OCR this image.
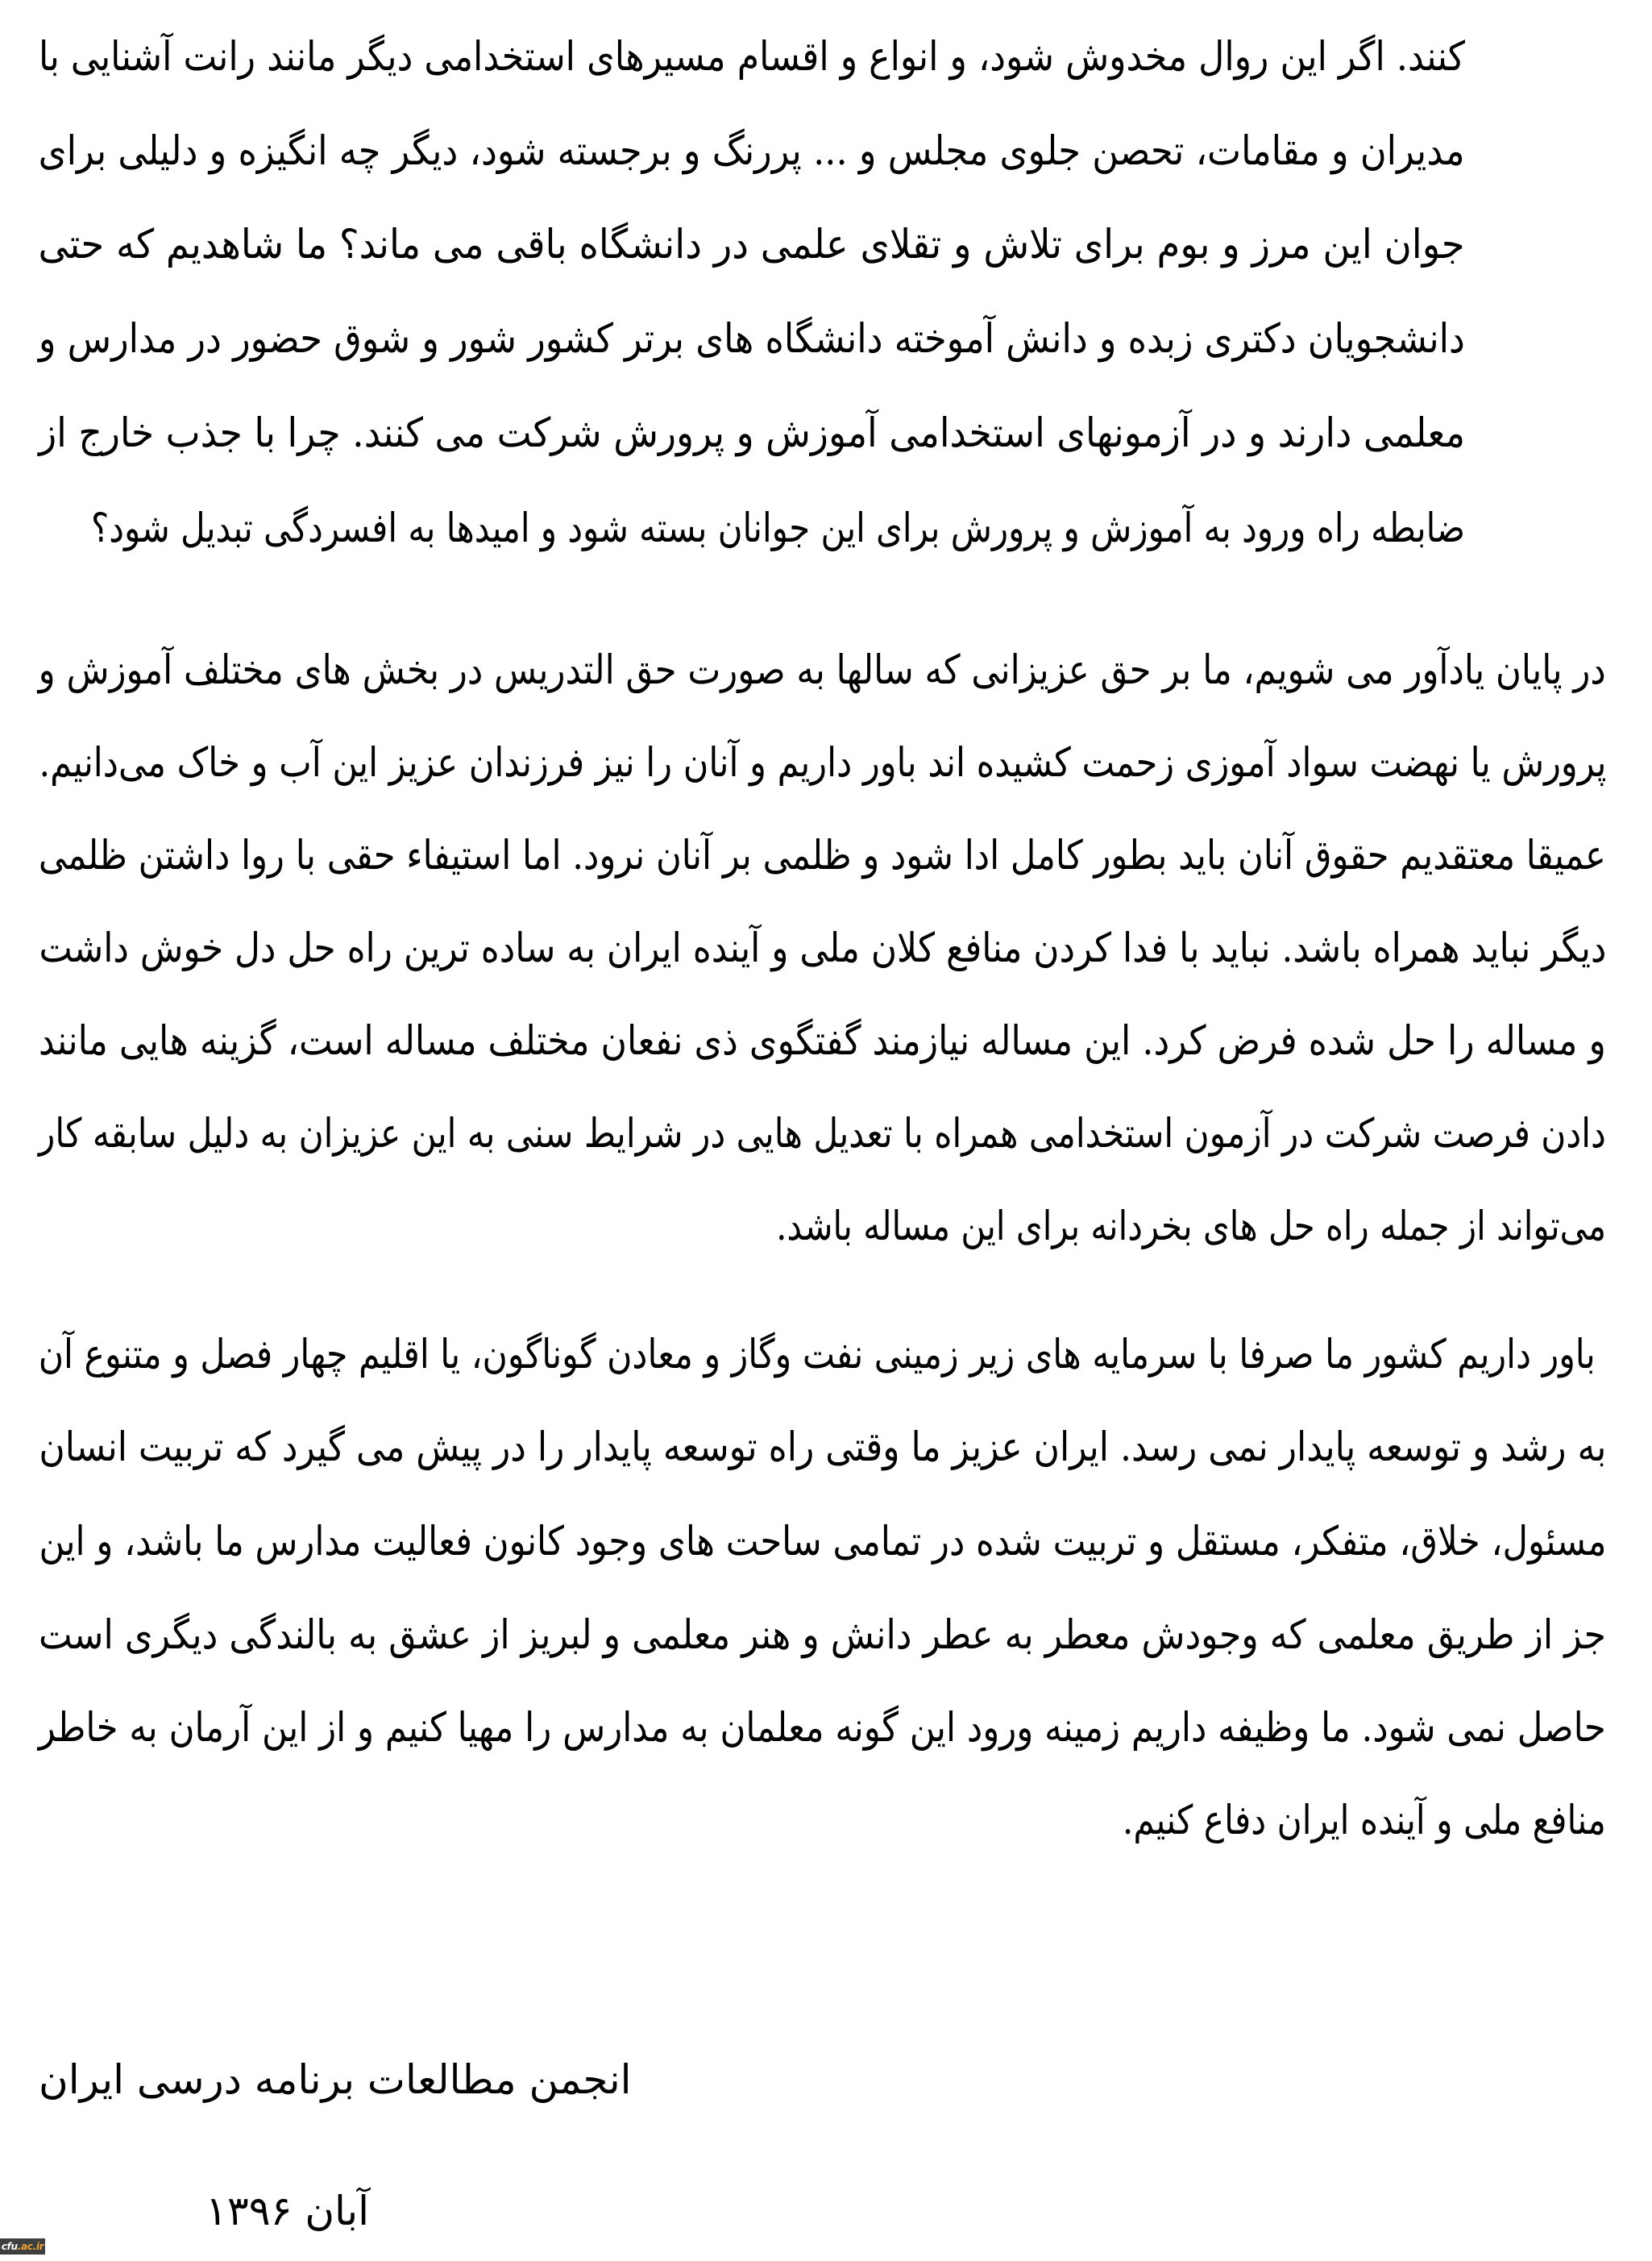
کنند. اگر این روال مخدوش شود، و انواع و اقسام مسیرهای استخدامی دیگر مانند رانت آشنایی با
مدیران و مقامات، تحصن جلوی مجلس و ... پررنگ و برجسته شود، دیگر چه انگیزه و دلیلی برای
جوان این مرز و بوم برای تلاش و تقلای علمی در دانشگاه باقی می ماند؟ ما شاهدیم که حتی
دانشجویان دکتری زبده و دانش آموخته دانشگاه های برتر کشور شور و شوق حضور در مدارس و
معلمی دارند و در آزمونهای استخدامی آموزش و پرورش شرکت می کنند. چرا با جذب خارج از
ضابطه راه ورود به آموزش و پرورش برای این جوانان بسته شود و امیدها به افسردگی تبدیل شود؟
در پایان یادآور می شویم، ما بر حق عزیزانی که سالها به صورت حق التدریس در بخش های مختلف آموزش و
پرورش یا نهضت سواد آموزی زحمت کشیده اند باور داریم و آنان را نیز فرزندان عزیز این آب و خاک می‌دانیم.
عمیقا معتقدیم حقوق آنان باید بطور کامل ادا شود و ظلمی بر آنان نرود. اما استیفاء حقی با روا داشتن ظلمی
دیگر نباید همراه باشد. نباید با فدا کردن منافع کلان ملی و آینده ایران به ساده ترین راه حل دل خوش داشت
و مساله را حل شده فرض کرد. این مساله نیازمند گفتگوی ذی نفعان مختلف مساله است، گزینه هایی مانند
دادن فرصت شرکت در آزمون استخدامی همراه با تعدیل هایی در شرایط سنی به این عزیزان به دلیل سابقه کار
می‌تواند از جمله راه حل های بخردانه برای این مساله باشد.
باور داریم کشور ما صرفا با سرمایه های زیر زمینی نفت وگاز و معادن گوناگون، یا اقلیم چهار فصل و متنوع آن
به رشد و توسعه پایدار نمی رسد. ایران عزیز ما وقتی راه توسعه پایدار را در پیش می گیرد که تربیت انسان
مسئول، خلاق، متفکر، مستقل و تربیت شده در تمامی ساحت های وجود کانون فعالیت مدارس ما باشد، و این
جز از طریق معلمی که وجودش معطر به عطر دانش و هنر معلمی و لبریز از عشق به بالندگی دیگری است
حاصل نمی شود. ما وظیفه داریم زمینه ورود این گونه معلمان به مدارس را مهیا کنیم و از این آرمان به خاطر
منافع ملی و آینده ایران دفاع کنیم.
انجمن مطالعات برنامه درسی ایران
آبان ۱۳۹۶
cfu.ac.ir
